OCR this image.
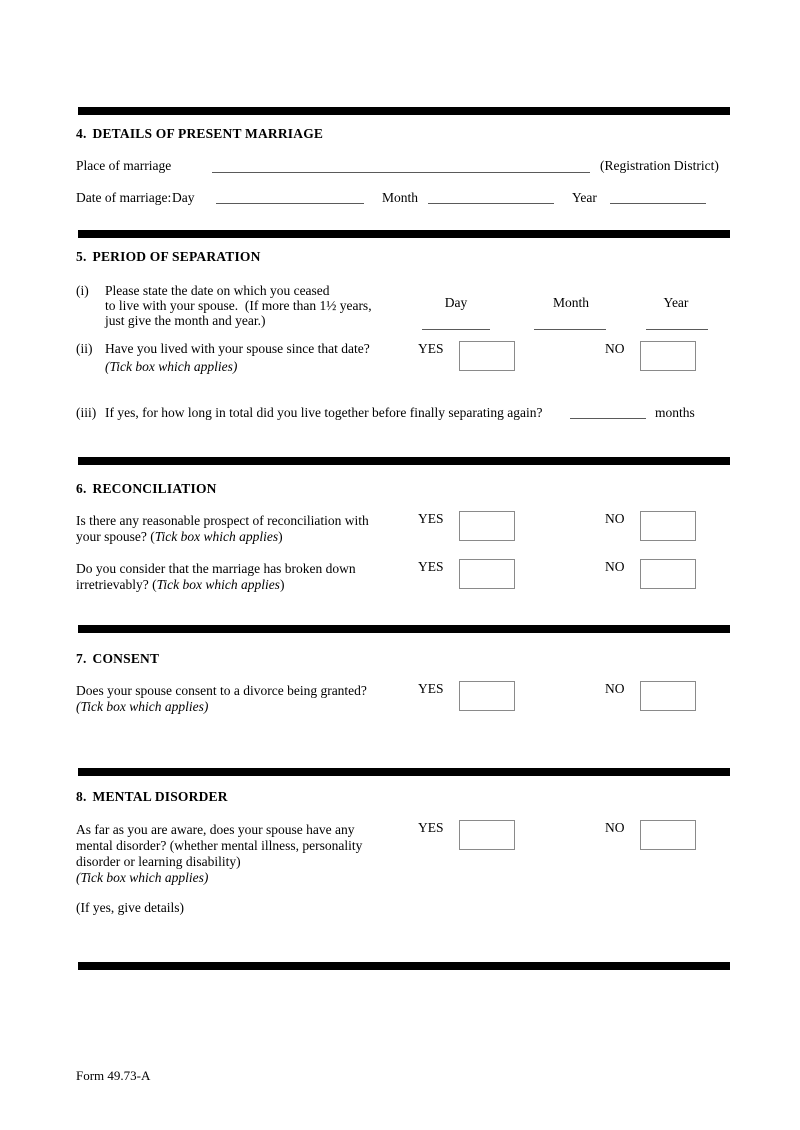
4. DETAILS OF PRESENT MARRIAGE
Place of marriage	(Registration District)
Date of marriage: Day	Month	Year
5. PERIOD OF SEPARATION
(i) Please state the date on which you ceased
to live with your spouse.  (If more than 1½ years,
just give the month and year.)
Day	Month	Year
(ii) Have you lived with your spouse since that date?
(Tick box which applies)
YES	NO
(iii) If yes, for how long in total did you live together before finally separating again?	months
6. RECONCILIATION
Is there any reasonable prospect of reconciliation with
your spouse? (Tick box which applies)
YES	NO
Do you consider that the marriage has broken down
irretrievably? (Tick box which applies)
YES	NO
7. CONSENT
Does your spouse consent to a divorce being granted?
(Tick box which applies)
YES	NO
8. MENTAL DISORDER
As far as you are aware, does your spouse have any
mental disorder? (whether mental illness, personality
disorder or learning disability)
(Tick box which applies)
YES	NO
(If yes, give details)
Form 49.73-A
